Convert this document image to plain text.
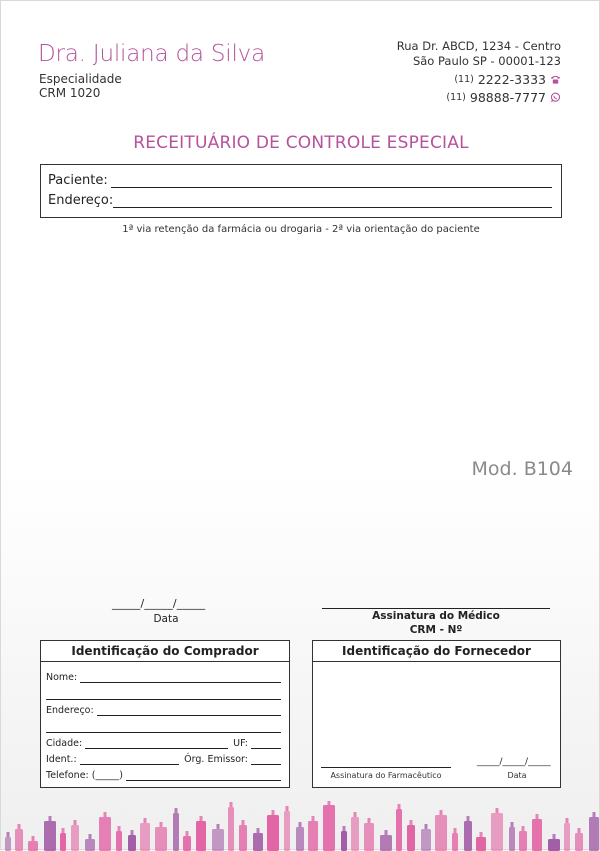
Dra. Juliana da Silva
Especialidade
CRM 1020
Rua Dr. ABCD, 1234 - Centro
São Paulo SP - 00001-123
(11) 2222-3333
(11) 98888-7777
RECEITUÁRIO DE CONTROLE ESPECIAL
Paciente:
Endereço:
1ª via retenção da farmácia ou drogaria - 2ª via orientação do paciente
Mod. B104
_____/_____/_____
Data	Assinatura do Médico
CRM - Nº
Identificação do Comprador
Nome:
Endereço:
Cidade:	UF:
Ident.:	Órg. Emissor:
Telefone: (_____)
Identificação do Fornecedor
Assinatura do Farmacêutico
_____/_____/_____
Data
